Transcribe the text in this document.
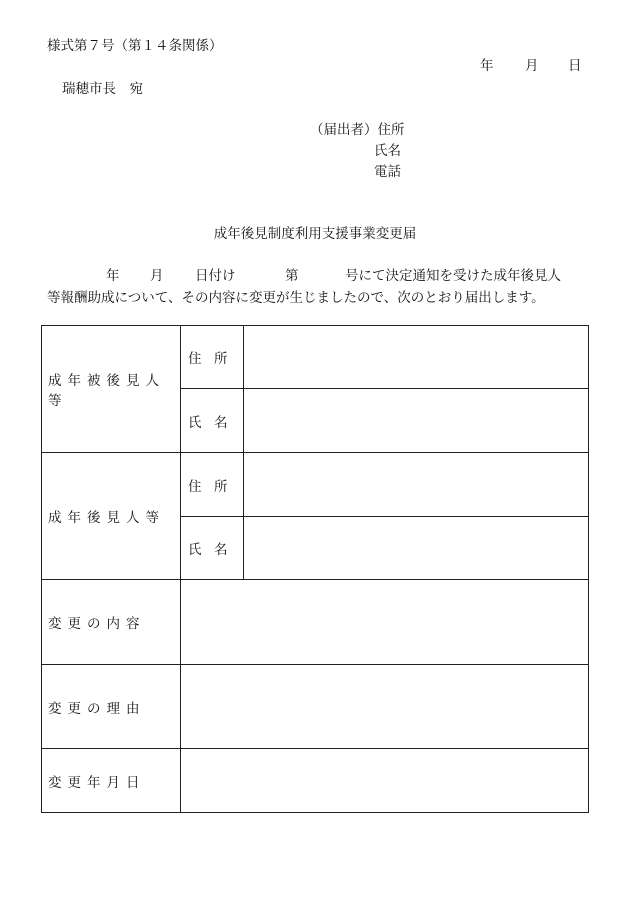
様式第７号（第１４条関係）
年 月 日
瑞穂市長　宛
（届出者）住所
氏名
電話
成年後見制度利用支援事業変更届
年 月 日付け	第	号にて決定通知を受けた成年後見人
等報酬助成について、その内容に変更が生じましたので、次のとおり届出します。
成年被後見人等	住 所	
	氏 名	
成年後見人等	住 所	
	氏 名	
変更の内容		
変更の理由		
変更年月日		
